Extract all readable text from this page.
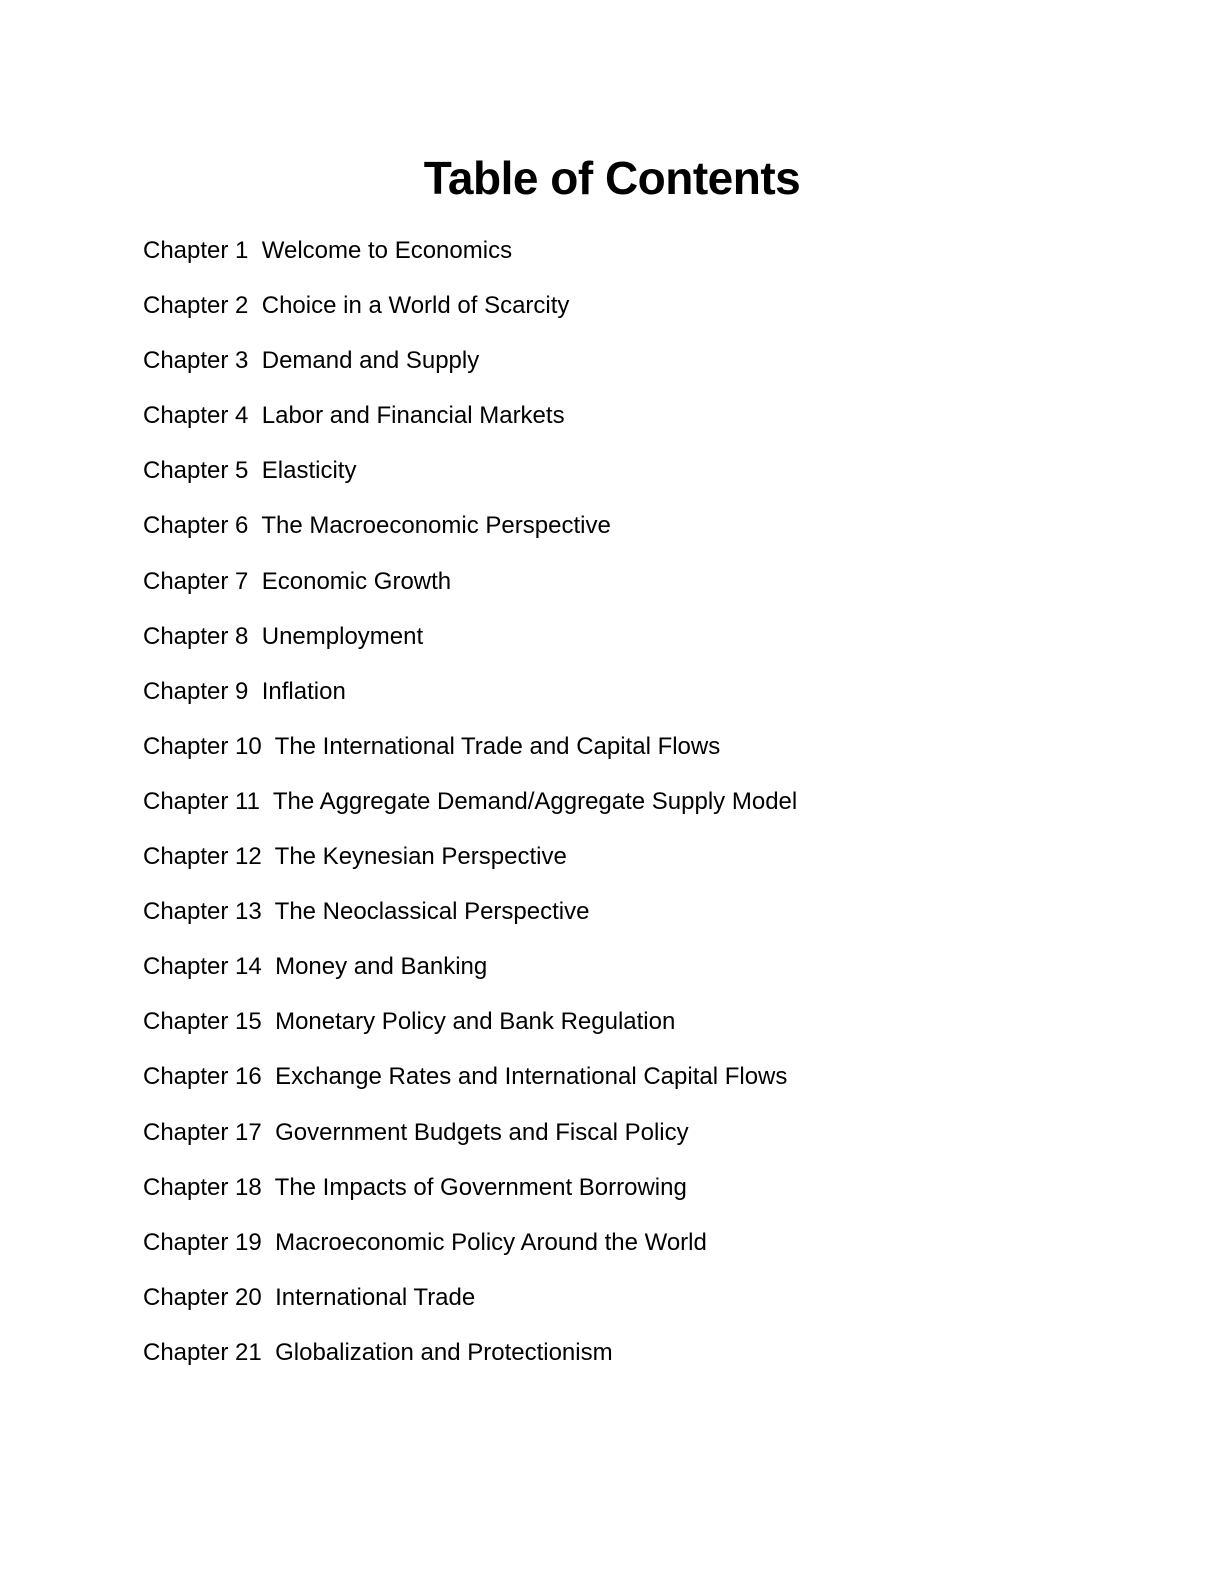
Table of Contents
Chapter 1 Welcome to Economics
Chapter 2 Choice in a World of Scarcity
Chapter 3 Demand and Supply
Chapter 4 Labor and Financial Markets
Chapter 5 Elasticity
Chapter 6 The Macroeconomic Perspective
Chapter 7 Economic Growth
Chapter 8 Unemployment
Chapter 9 Inflation
Chapter 10 The International Trade and Capital Flows
Chapter 11 The Aggregate Demand/Aggregate Supply Model
Chapter 12 The Keynesian Perspective
Chapter 13 The Neoclassical Perspective
Chapter 14 Money and Banking
Chapter 15 Monetary Policy and Bank Regulation
Chapter 16 Exchange Rates and International Capital Flows
Chapter 17 Government Budgets and Fiscal Policy
Chapter 18 The Impacts of Government Borrowing
Chapter 19 Macroeconomic Policy Around the World
Chapter 20 International Trade
Chapter 21 Globalization and Protectionism
